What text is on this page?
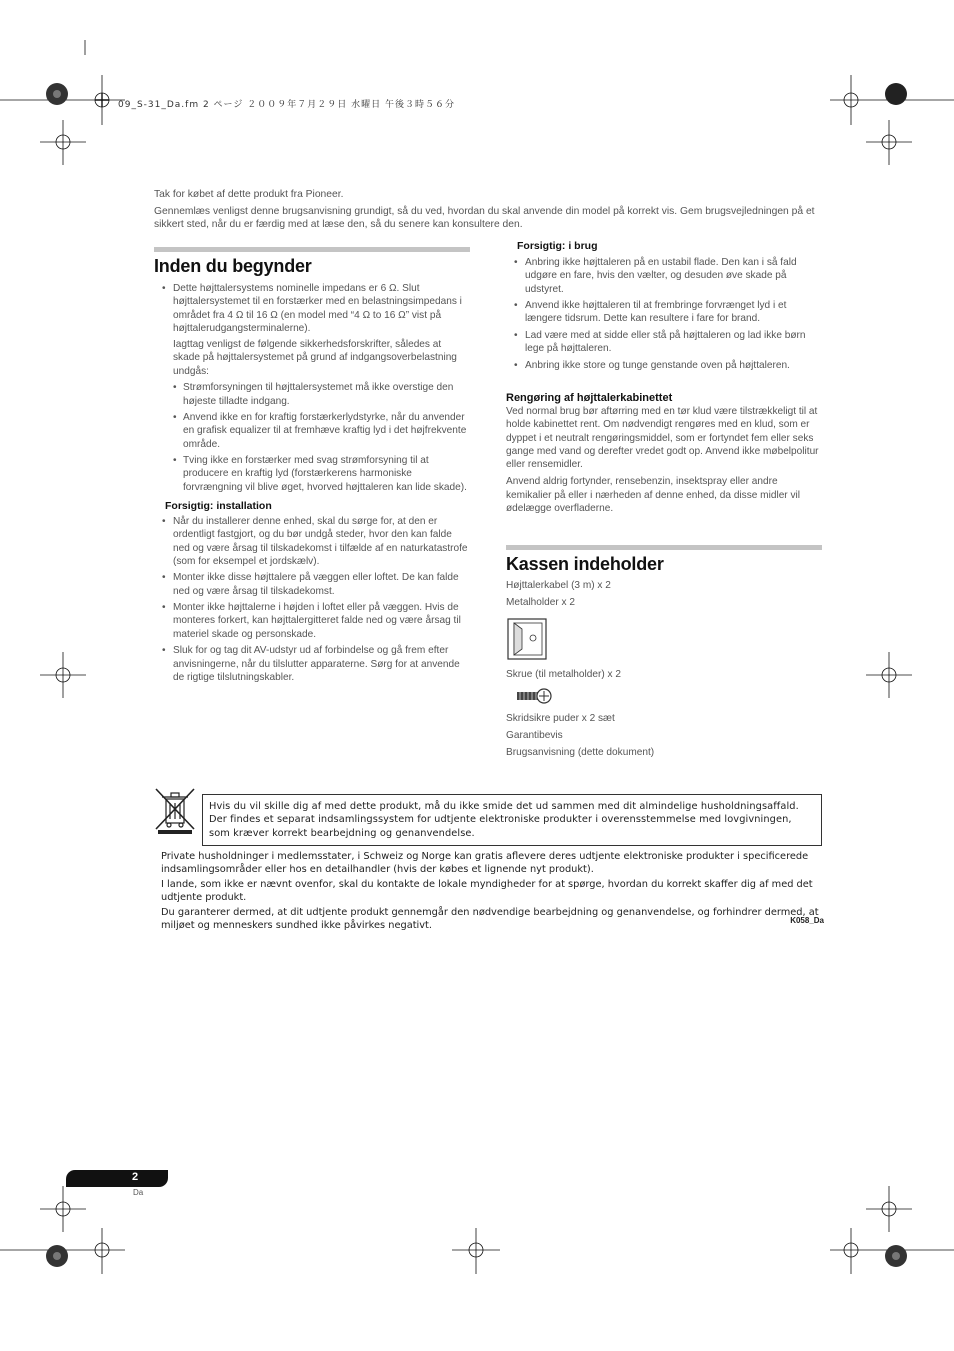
09_S-31_Da.fm 2 ページ ２００９年７月２９日 水曜日 午後３時５６分
Tak for købet af dette produkt fra Pioneer.
Gennemlæs venligst denne brugsanvisning grundigt, så du ved, hvordan du skal anvende din model på korrekt vis. Gem brugsvejledningen på et sikkert sted, når du er færdig med at læse den, så du senere kan konsultere den.
Inden du begynder
• Dette højttalersystems nominelle impedans er 6 Ω. Slut højttalersystemet til en forstærker med en belastningsimpedans i området fra 4 Ω til 16 Ω (en model med “4 Ω to 16 Ω” vist på højttalerudgangsterminalerne).
Iagttag venligst de følgende sikkerhedsforskrifter, således at skade på højttalersystemet på grund af indgangsoverbelastning undgås:
• Strømforsyningen til højttalersystemet må ikke overstige den højeste tilladte indgang.
• Anvend ikke en for kraftig forstærkerlydstyrke, når du anvender en grafisk equalizer til at fremhæve kraftig lyd i det højfrekvente område.
• Tving ikke en forstærker med svag strømforsyning til at producere en kraftig lyd (forstærkerens harmoniske forvrængning vil blive øget, hvorved højttaleren kan lide skade).
Forsigtig: installation
• Når du installerer denne enhed, skal du sørge for, at den er ordentligt fastgjort, og du bør undgå steder, hvor den kan falde ned og være årsag til tilskadekomst i tilfælde af en naturkatastrofe (som for eksempel et jordskælv).
• Monter ikke disse højttalere på væggen eller loftet. De kan falde ned og være årsag til tilskadekomst.
• Monter ikke højttalerne i højden i loftet eller på væggen. Hvis de monteres forkert, kan højttalergitteret falde ned og være årsag til materiel skade og personskade.
• Sluk for og tag dit AV-udstyr ud af forbindelse og gå frem efter anvisningerne, når du tilslutter apparaterne. Sørg for at anvende de rigtige tilslutningskabler.
Forsigtig: i brug
• Anbring ikke højttaleren på en ustabil flade. Den kan i så fald udgøre en fare, hvis den vælter, og desuden øve skade på udstyret.
• Anvend ikke højttaleren til at frembringe forvrænget lyd i et længere tidsrum. Dette kan resultere i fare for brand.
• Lad være med at sidde eller stå på højttaleren og lad ikke børn lege på højttaleren.
• Anbring ikke store og tunge genstande oven på højttaleren.
Rengøring af højttalerkabinettet

Ved normal brug bør aftørring med en tør klud være tilstrækkeligt til at holde kabinettet rent. Om nødvendigt rengøres med en klud, som er dyppet i et neutralt rengøringsmiddel, som er fortyndet fem eller seks gange med vand og derefter vredet godt op. Anvend ikke møbelpolitur eller rensemidler.

Anvend aldrig fortynder, rensebenzin, insektspray eller andre kemikalier på eller i nærheden af denne enhed, da disse midler vil ødelægge overfladerne.

Kassen indeholder
Højttalerkabel (3 m) x 2
Metalholder x 2
Skrue (til metalholder) x 2
Skridsikre puder x 2 sæt
Garantibevis
Brugsanvisning (dette dokument)
Hvis du vil skille dig af med dette produkt, må du ikke smide det ud sammen med dit almindelige husholdningsaffald. Der findes et separat indsamlingssystem for udtjente elektroniske produkter i overensstemmelse med lovgivningen, som kræver korrekt bearbejdning og genanvendelse.

Private husholdninger i medlemsstater, i Schweiz og Norge kan gratis aflevere deres udtjente elektroniske produkter i specificerede indsamlingsområder eller hos en detailhandler (hvis der købes et lignende nyt produkt).

I lande, som ikke er nævnt ovenfor, skal du kontakte de lokale myndigheder for at spørge, hvordan du korrekt skaffer dig af med det udtjente produkt.

Du garanterer dermed, at dit udtjente produkt gennemgår den nødvendige bearbejdning og genanvendelse, og forhindrer dermed, at miljøet og menneskers sundhed ikke påvirkes negativt.	K058_Da
2
Da
